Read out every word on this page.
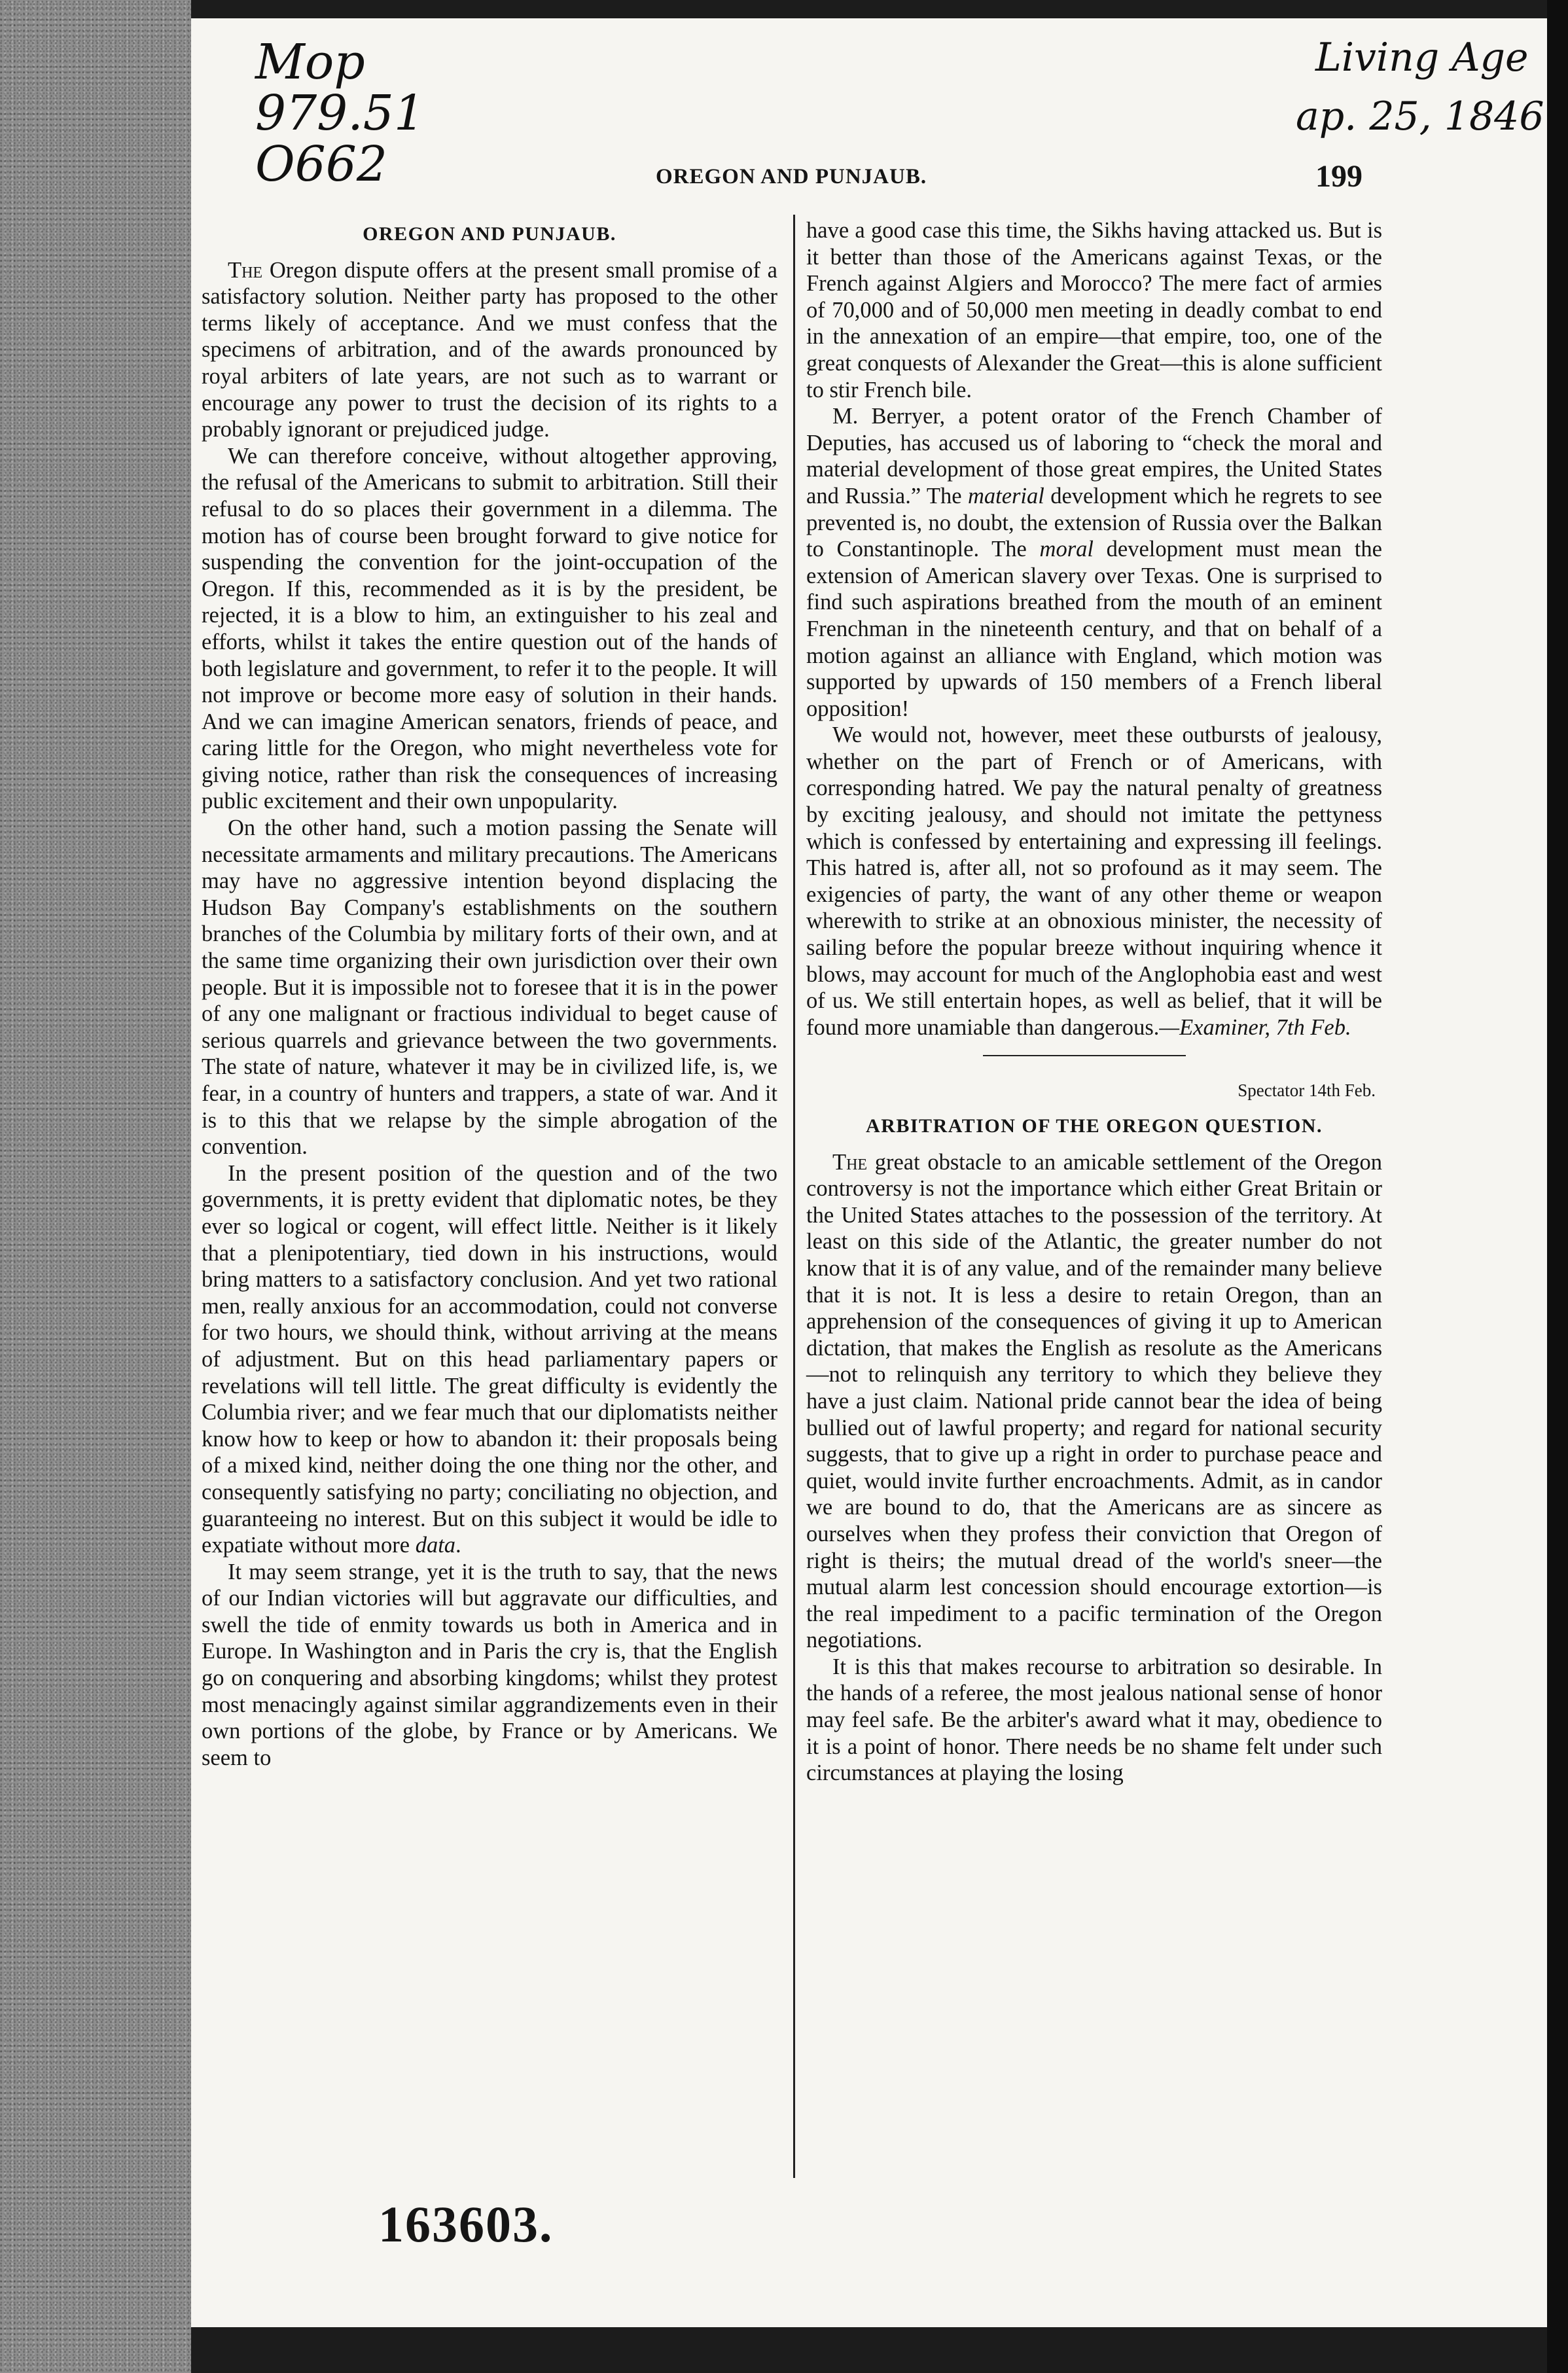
Mop
979.51
O662
Living Age
ap. 25, 1846
OREGON AND PUNJAUB.	199

OREGON AND PUNJAUB.

The Oregon dispute offers at the present small promise of a satisfactory solution. Neither party has proposed to the other terms likely of acceptance. And we must confess that the specimens of arbitration, and of the awards pronounced by royal arbiters of late years, are not such as to warrant or encourage any power to trust the decision of its rights to a probably ignorant or prejudiced judge.

We can therefore conceive, without altogether approving, the refusal of the Americans to submit to arbitration. Still their refusal to do so places their government in a dilemma. The motion has of course been brought forward to give notice for suspending the convention for the joint-occupation of the Oregon. If this, recommended as it is by the president, be rejected, it is a blow to him, an extinguisher to his zeal and efforts, whilst it takes the entire question out of the hands of both legislature and government, to refer it to the people. It will not improve or become more easy of solution in their hands. And we can imagine American senators, friends of peace, and caring little for the Oregon, who might nevertheless vote for giving notice, rather than risk the consequences of increasing public excitement and their own unpopularity.

On the other hand, such a motion passing the Senate will necessitate armaments and military precautions. The Americans may have no aggressive intention beyond displacing the Hudson Bay Company's establishments on the southern branches of the Columbia by military forts of their own, and at the same time organizing their own jurisdiction over their own people. But it is impossible not to foresee that it is in the power of any one malignant or fractious individual to beget cause of serious quarrels and grievance between the two governments. The state of nature, whatever it may be in civilized life, is, we fear, in a country of hunters and trappers, a state of war. And it is to this that we relapse by the simple abrogation of the convention.

In the present position of the question and of the two governments, it is pretty evident that diplomatic notes, be they ever so logical or cogent, will effect little. Neither is it likely that a plenipotentiary, tied down in his instructions, would bring matters to a satisfactory conclusion. And yet two rational men, really anxious for an accommodation, could not converse for two hours, we should think, without arriving at the means of adjustment. But on this head parliamentary papers or revelations will tell little. The great difficulty is evidently the Columbia river; and we fear much that our diplomatists neither know how to keep or how to abandon it: their proposals being of a mixed kind, neither doing the one thing nor the other, and consequently satisfying no party; conciliating no objection, and guaranteeing no interest. But on this subject it would be idle to expatiate without more data.

It may seem strange, yet it is the truth to say, that the news of our Indian victories will but aggravate our difficulties, and swell the tide of enmity towards us both in America and in Europe. In Washington and in Paris the cry is, that the English go on conquering and absorbing kingdoms; whilst they protest most menacingly against similar aggrandizements even in their own portions of the globe, by France or by Americans. We seem to

have a good case this time, the Sikhs having attacked us. But is it better than those of the Americans against Texas, or the French against Algiers and Morocco? The mere fact of armies of 70,000 and of 50,000 men meeting in deadly combat to end in the annexation of an empire—that empire, too, one of the great conquests of Alexander the Great—this is alone sufficient to stir French bile.

M. Berryer, a potent orator of the French Chamber of Deputies, has accused us of laboring to “check the moral and material development of those great empires, the United States and Russia.” The material development which he regrets to see prevented is, no doubt, the extension of Russia over the Balkan to Constantinople. The moral development must mean the extension of American slavery over Texas. One is surprised to find such aspirations breathed from the mouth of an eminent Frenchman in the nineteenth century, and that on behalf of a motion against an alliance with England, which motion was supported by upwards of 150 members of a French liberal opposition!

We would not, however, meet these outbursts of jealousy, whether on the part of French or of Americans, with corresponding hatred. We pay the natural penalty of greatness by exciting jealousy, and should not imitate the pettyness which is confessed by entertaining and expressing ill feelings. This hatred is, after all, not so profound as it may seem. The exigencies of party, the want of any other theme or weapon wherewith to strike at an obnoxious minister, the necessity of sailing before the popular breeze without inquiring whence it blows, may account for much of the Anglophobia east and west of us. We still entertain hopes, as well as belief, that it will be found more unamiable than dangerous.—Examiner, 7th Feb.

Spectator 14th Feb.

ARBITRATION OF THE OREGON QUESTION.

The great obstacle to an amicable settlement of the Oregon controversy is not the importance which either Great Britain or the United States attaches to the possession of the territory. At least on this side of the Atlantic, the greater number do not know that it is of any value, and of the remainder many believe that it is not. It is less a desire to retain Oregon, than an apprehension of the consequences of giving it up to American dictation, that makes the English as resolute as the Americans—not to relinquish any territory to which they believe they have a just claim. National pride cannot bear the idea of being bullied out of lawful property; and regard for national security suggests, that to give up a right in order to purchase peace and quiet, would invite further encroachments. Admit, as in candor we are bound to do, that the Americans are as sincere as ourselves when they profess their conviction that Oregon of right is theirs; the mutual dread of the world's sneer—the mutual alarm lest concession should encourage extortion—is the real impediment to a pacific termination of the Oregon negotiations.

It is this that makes recourse to arbitration so desirable. In the hands of a referee, the most jealous national sense of honor may feel safe. Be the arbiter's award what it may, obedience to it is a point of honor. There needs be no shame felt under such circumstances at playing the losing

163603.
